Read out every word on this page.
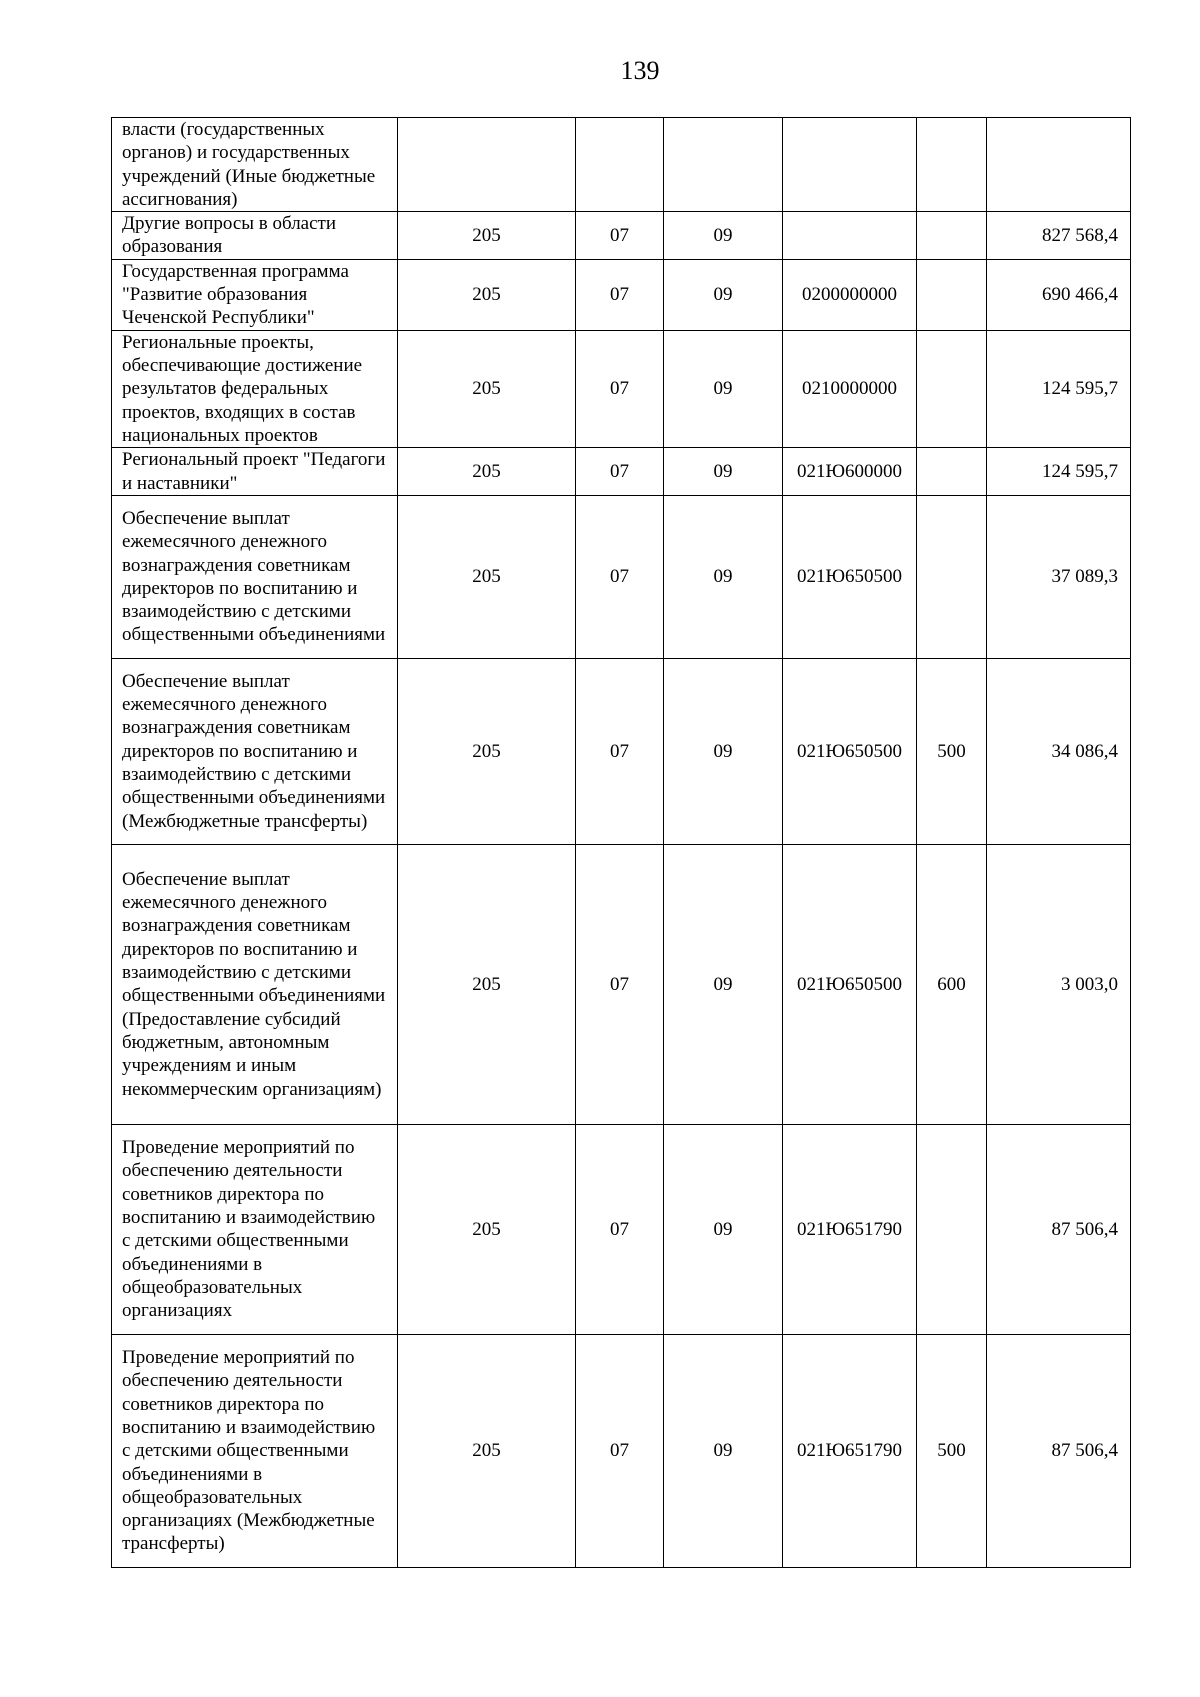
139
власти (государственных органов) и государственных учреждений (Иные бюджетные ассигнования)						
Другие вопросы в области образования	205	07	09			827 568,4
Государственная программа "Развитие образования Чеченской Республики"	205	07	09	0200000000		690 466,4
Региональные проекты, обеспечивающие достижение результатов федеральных проектов, входящих в состав национальных проектов	205	07	09	0210000000		124 595,7
Региональный проект "Педагоги и наставники"	205	07	09	021Ю600000		124 595,7
Обеспечение выплат ежемесячного денежного вознаграждения советникам директоров по воспитанию и взаимодействию с детскими общественными объединениями	205	07	09	021Ю650500		37 089,3
Обеспечение выплат ежемесячного денежного вознаграждения советникам директоров по воспитанию и взаимодействию с детскими общественными объединениями (Межбюджетные трансферты)	205	07	09	021Ю650500	500	34 086,4
Обеспечение выплат ежемесячного денежного вознаграждения советникам директоров по воспитанию и взаимодействию с детскими общественными объединениями (Предоставление субсидий бюджетным, автономным учреждениям и иным некоммерческим организациям)	205	07	09	021Ю650500	600	3 003,0
Проведение мероприятий по обеспечению деятельности советников директора по воспитанию и взаимодействию с детскими общественными объединениями в общеобразовательных организациях	205	07	09	021Ю651790		87 506,4
Проведение мероприятий по обеспечению деятельности советников директора по воспитанию и взаимодействию с детскими общественными объединениями в общеобразовательных организациях (Межбюджетные трансферты)	205	07	09	021Ю651790	500	87 506,4
